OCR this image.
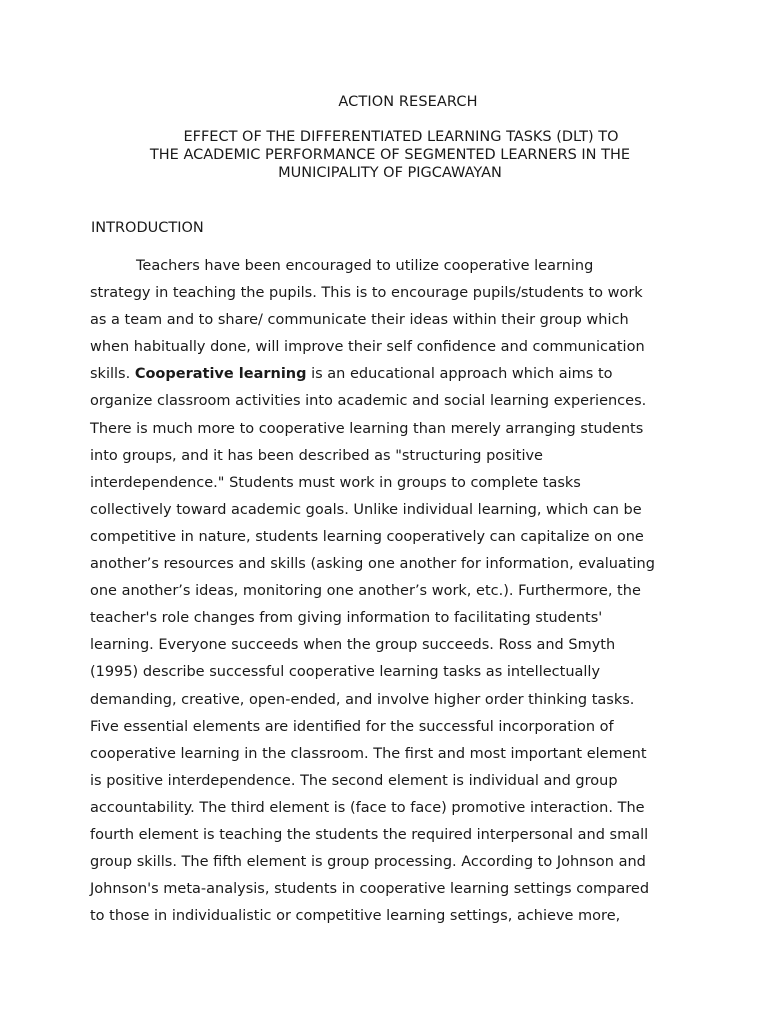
ACTION RESEARCH
EFFECT OF THE DIFFERENTIATED LEARNING TASKS (DLT) TO
THE ACADEMIC PERFORMANCE OF SEGMENTED LEARNERS IN THE
MUNICIPALITY OF PIGCAWAYAN
INTRODUCTION
Teachers have been encouraged to utilize cooperative learning
strategy in teaching the pupils. This is to encourage pupils/students to work
as a team and to share/ communicate their ideas within their group which
when habitually done, will improve their self confidence and communication
skills. Cooperative learning is an educational approach which aims to
organize classroom activities into academic and social learning experiences.
There is much more to cooperative learning than merely arranging students
into groups, and it has been described as "structuring positive
interdependence." Students must work in groups to complete tasks
collectively toward academic goals. Unlike individual learning, which can be
competitive in nature, students learning cooperatively can capitalize on one
another’s resources and skills (asking one another for information, evaluating
one another’s ideas, monitoring one another’s work, etc.). Furthermore, the
teacher's role changes from giving information to facilitating students'
learning. Everyone succeeds when the group succeeds. Ross and Smyth
(1995) describe successful cooperative learning tasks as intellectually
demanding, creative, open-ended, and involve higher order thinking tasks.
Five essential elements are identified for the successful incorporation of
cooperative learning in the classroom. The first and most important element
is positive interdependence. The second element is individual and group
accountability. The third element is (face to face) promotive interaction. The
fourth element is teaching the students the required interpersonal and small
group skills. The fifth element is group processing. According to Johnson and
Johnson's meta-analysis, students in cooperative learning settings compared
to those in individualistic or competitive learning settings, achieve more,
